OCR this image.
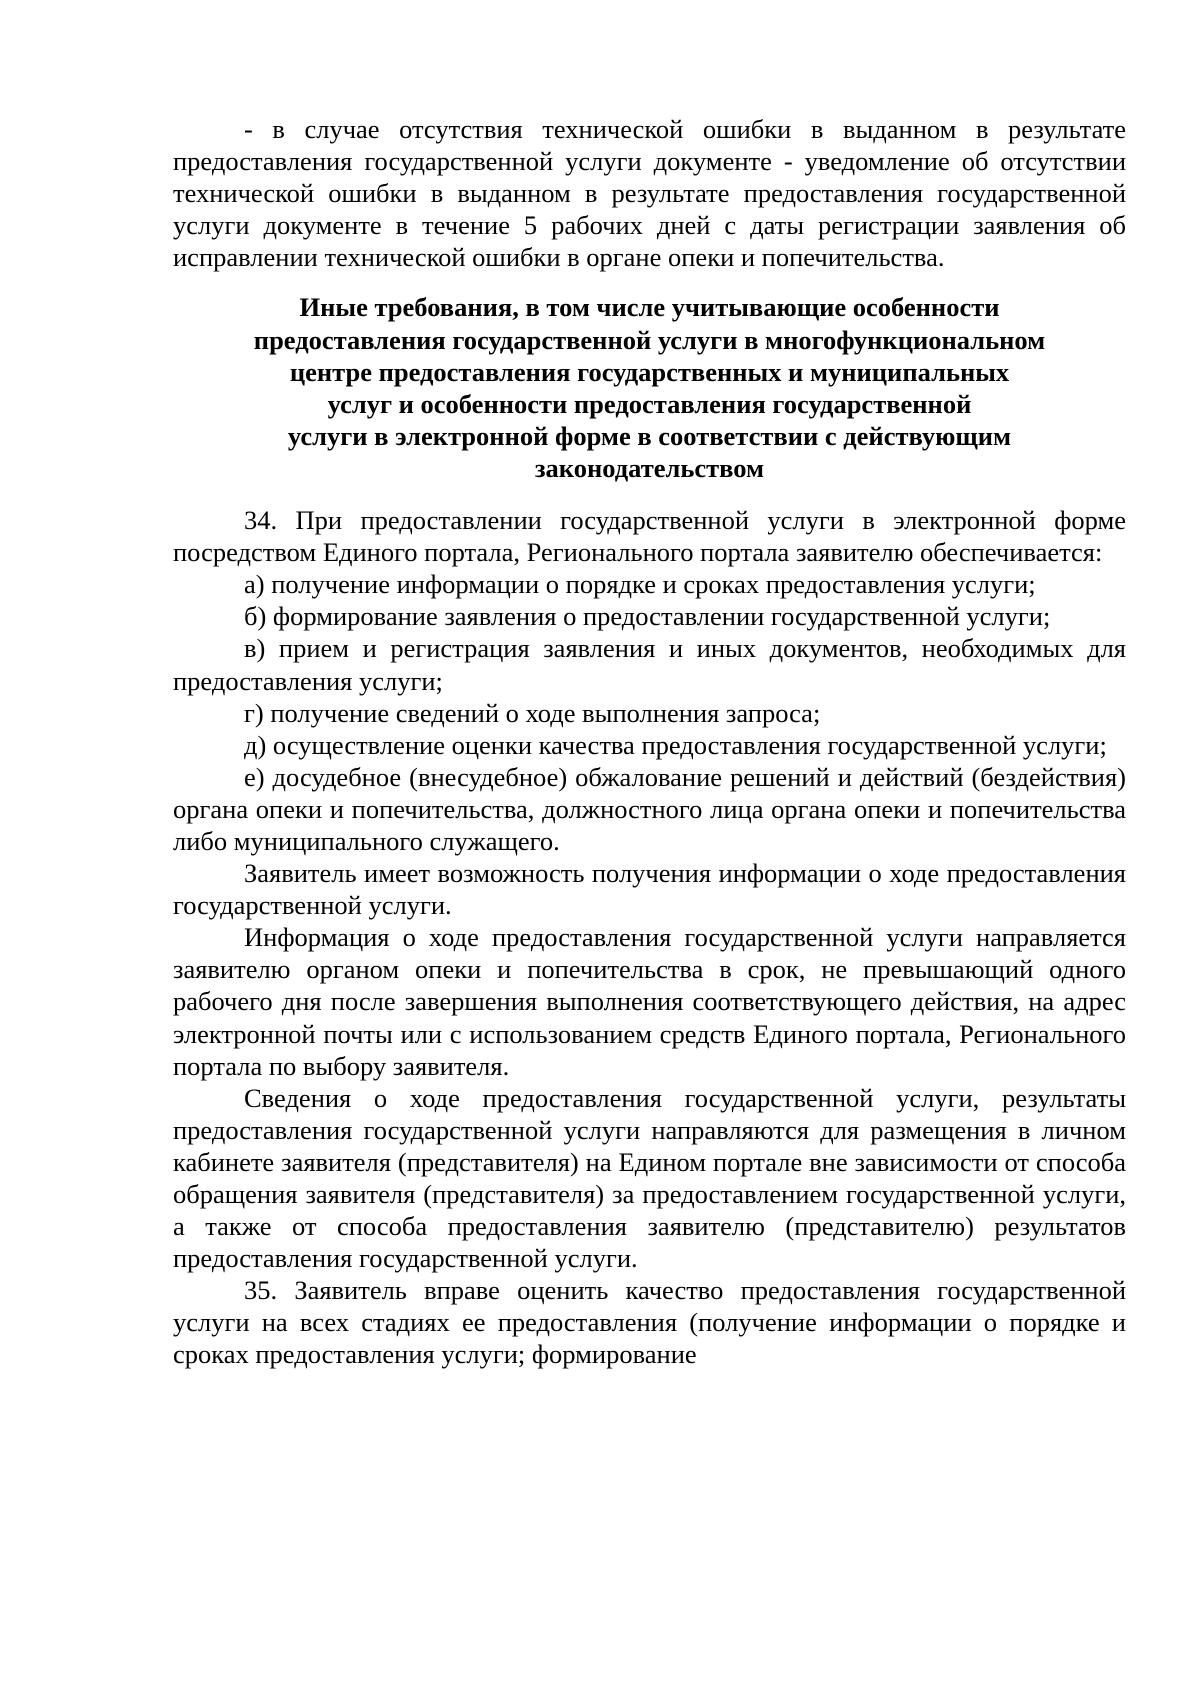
- в случае отсутствия технической ошибки в выданном в результате предоставления государственной услуги документе - уведомление об отсутствии технической ошибки в выданном в результате предоставления государственной услуги документе в течение 5 рабочих дней с даты регистрации заявления об исправлении технической ошибки в органе опеки и попечительства.

Иные требования, в том числе учитывающие особенности
предоставления государственной услуги в многофункциональном
центре предоставления государственных и муниципальных
услуг и особенности предоставления государственной
услуги в электронной форме в соответствии с действующим
законодательством

34. При предоставлении государственной услуги в электронной форме посредством Единого портала, Регионального портала заявителю обеспечивается:

а) получение информации о порядке и сроках предоставления услуги;

б) формирование заявления о предоставлении государственной услуги;

в) прием и регистрация заявления и иных документов, необходимых для предоставления услуги;

г) получение сведений о ходе выполнения запроса;

д) осуществление оценки качества предоставления государственной услуги;

е) досудебное (внесудебное) обжалование решений и действий (бездействия) органа опеки и попечительства, должностного лица органа опеки и попечительства либо муниципального служащего.

Заявитель имеет возможность получения информации о ходе предоставления государственной услуги.

Информация о ходе предоставления государственной услуги направляется заявителю органом опеки и попечительства в срок, не превышающий одного рабочего дня после завершения выполнения соответствующего действия, на адрес электронной почты или с использованием средств Единого портала, Регионального портала по выбору заявителя.

Сведения о ходе предоставления государственной услуги, результаты предоставления государственной услуги направляются для размещения в личном кабинете заявителя (представителя) на Едином портале вне зависимости от способа обращения заявителя (представителя) за предоставлением государственной услуги, а также от способа предоставления заявителю (представителю) результатов предоставления государственной услуги.

35. Заявитель вправе оценить качество предоставления государственной услуги на всех стадиях ее предоставления (получение информации о порядке и сроках предоставления услуги; формирование
